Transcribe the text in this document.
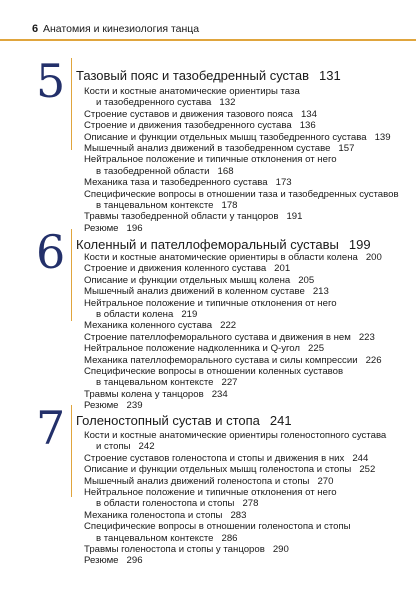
6 Анатомия и кинезиология танца
5 Тазовый пояс и тазобедренный сустав 131
Кости и костные анатомические ориентиры таза
и тазобедренного сустава 132
Строение суставов и движения тазового пояса 134
Строение и движения тазобедренного сустава 136
Описание и функции отдельных мышц тазобедренного сустава 139
Мышечный анализ движений в тазобедренном суставе 157
Нейтральное положение и типичные отклонения от него
в тазобедренной области 168
Механика таза и тазобедренного сустава 173
Специфические вопросы в отношении таза и тазобедренных суставов
в танцевальном контексте 178
Травмы тазобедренной области у танцоров 191
Резюме 196
6 Коленный и пателлофеморальный суставы 199
Кости и костные анатомические ориентиры в области колена 200
Строение и движения коленного сустава 201
Описание и функции отдельных мышц колена 205
Мышечный анализ движений в коленном суставе 213
Нейтральное положение и типичные отклонения от него
в области колена 219
Механика коленного сустава 222
Строение пателлофеморального сустава и движения в нем 223
Нейтральное положение надколенника и Q-угол 225
Механика пателлофеморального сустава и силы компрессии 226
Специфические вопросы в отношении коленных суставов
в танцевальном контексте 227
Травмы колена у танцоров 234
Резюме 239
7 Голеностопный сустав и стопа 241
Кости и костные анатомические ориентиры голеностопного сустава
и стопы 242
Строение суставов голеностопа и стопы и движения в них 244
Описание и функции отдельных мышц голеностопа и стопы 252
Мышечный анализ движений голеностопа и стопы 270
Нейтральное положение и типичные отклонения от него
в области голеностопа и стопы 278
Механика голеностопа и стопы 283
Специфические вопросы в отношении голеностопа и стопы
в танцевальном контексте 286
Травмы голеностопа и стопы у танцоров 290
Резюме 296
